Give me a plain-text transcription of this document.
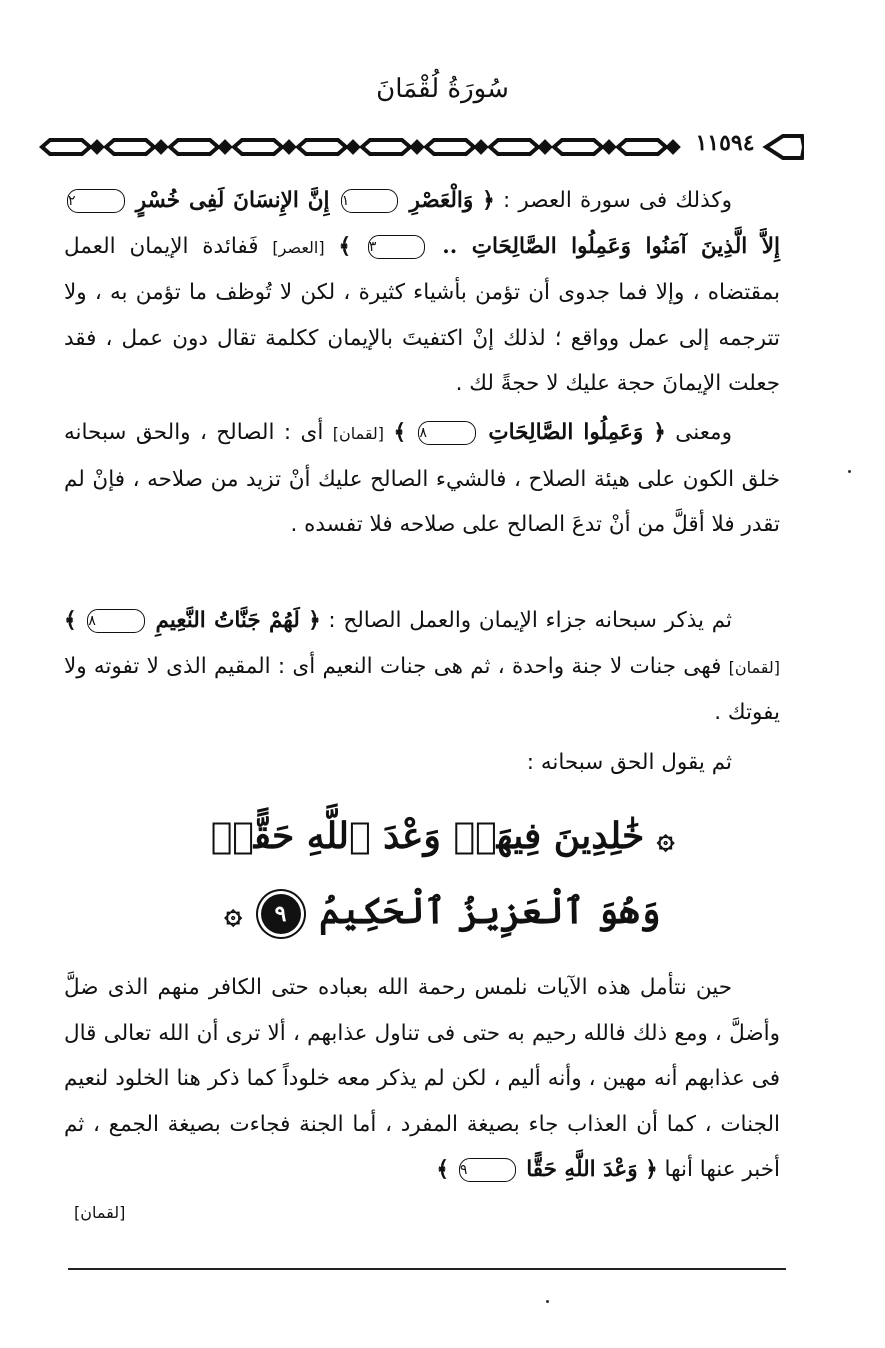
سُورَةُ لُقْمَانَ
١١٥٩٤

وكذلك فى سورة العصر : ﴿ وَالْعَصْرِ ١ إِنَّ الإِنسَانَ لَفِى خُسْرٍ ٢ إِلاَّ الَّذِينَ آمَنُوا وَعَمِلُوا الصَّالِحَاتِ .. ٣ ﴾ [العصر] فَفائدة الإيمان العمل بمقتضاه ، وإلا فما جدوى أن تؤمن بأشياء كثيرة ، لكن لا تُوظف ما تؤمن به ، ولا تترجمه إلى عمل وواقع ؛ لذلك إنْ اكتفيتَ بالإيمان ككلمة تقال دون عمل ، فقد جعلت الإيمانَ حجة عليك لا حجةً لك .

ومعنى ﴿ وَعَمِلُوا الصَّالِحَاتِ ٨ ﴾ [لقمان] أى : الصالح ، والحق سبحانه خلق الكون على هيئة الصلاح ، فالشيء الصالح عليك أنْ تزيد من صلاحه ، فإنْ لم تقدر فلا أقلَّ من أنْ تدعَ الصالح على صلاحه فلا تفسده .

ثم يذكر سبحانه جزاء الإيمان والعمل الصالح : ﴿ لَهُمْ جَنَّاتُ النَّعِيمِ ٨ ﴾ [لقمان] فهى جنات لا جنة واحدة ، ثم هى جنات النعيم أى : المقيم الذى لا تفوته ولا يفوتك .

ثم يقول الحق سبحانه :

۞ خَٰلِدِينَ فِيهَاۚ وَعْدَ ٱللَّهِ حَقًّاۚ
وَهُوَ ٱلْعَزِيزُ ٱلْحَكِيمُ ٩ ۞

حين نتأمل هذه الآيات نلمس رحمة الله بعباده حتى الكافر منهم الذى ضلَّ وأضلَّ ، ومع ذلك فالله رحيم به حتى فى تناول عذابهم ، ألا ترى أن الله تعالى قال فى عذابهم أنه مهين ، وأنه أليم ، لكن لم يذكر معه خلوداً كما ذكر هنا الخلود لنعيم الجنات ، كما أن العذاب جاء بصيغة المفرد ، أما الجنة فجاءت بصيغة الجمع ، ثم أخبر عنها أنها ﴿ وَعْدَ اللَّهِ حَقًّا ٩ ﴾

[لقمان]
